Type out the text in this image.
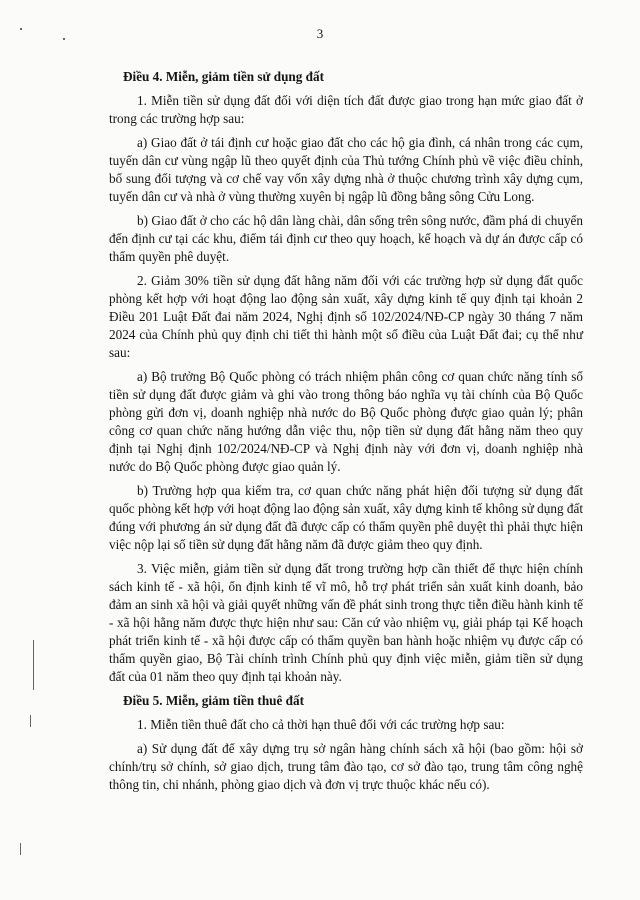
3

Điều 4. Miễn, giảm tiền sử dụng đất

1. Miễn tiền sử dụng đất đối với diện tích đất được giao trong hạn mức giao đất ở trong các trường hợp sau:

a) Giao đất ở tái định cư hoặc giao đất cho các hộ gia đình, cá nhân trong các cụm, tuyến dân cư vùng ngập lũ theo quyết định của Thủ tướng Chính phủ về việc điều chỉnh, bổ sung đối tượng và cơ chế vay vốn xây dựng nhà ở thuộc chương trình xây dựng cụm, tuyến dân cư và nhà ở vùng thường xuyên bị ngập lũ đồng bằng sông Cửu Long.

b) Giao đất ở cho các hộ dân làng chài, dân sống trên sông nước, đầm phá di chuyển đến định cư tại các khu, điểm tái định cư theo quy hoạch, kế hoạch và dự án được cấp có thẩm quyền phê duyệt.

2. Giảm 30% tiền sử dụng đất hằng năm đối với các trường hợp sử dụng đất quốc phòng kết hợp với hoạt động lao động sản xuất, xây dựng kinh tế quy định tại khoản 2 Điều 201 Luật Đất đai năm 2024, Nghị định số 102/2024/NĐ-CP ngày 30 tháng 7 năm 2024 của Chính phủ quy định chi tiết thi hành một số điều của Luật Đất đai; cụ thể như sau:

a) Bộ trưởng Bộ Quốc phòng có trách nhiệm phân công cơ quan chức năng tính số tiền sử dụng đất được giảm và ghi vào trong thông báo nghĩa vụ tài chính của Bộ Quốc phòng gửi đơn vị, doanh nghiệp nhà nước do Bộ Quốc phòng được giao quản lý; phân công cơ quan chức năng hướng dẫn việc thu, nộp tiền sử dụng đất hằng năm theo quy định tại Nghị định 102/2024/NĐ-CP và Nghị định này với đơn vị, doanh nghiệp nhà nước do Bộ Quốc phòng được giao quản lý.

b) Trường hợp qua kiểm tra, cơ quan chức năng phát hiện đối tượng sử dụng đất quốc phòng kết hợp với hoạt động lao động sản xuất, xây dựng kinh tế không sử dụng đất đúng với phương án sử dụng đất đã được cấp có thẩm quyền phê duyệt thì phải thực hiện việc nộp lại số tiền sử dụng đất hằng năm đã được giảm theo quy định.

3. Việc miễn, giảm tiền sử dụng đất trong trường hợp cần thiết để thực hiện chính sách kinh tế - xã hội, ổn định kinh tế vĩ mô, hỗ trợ phát triển sản xuất kinh doanh, bảo đảm an sinh xã hội và giải quyết những vấn đề phát sinh trong thực tiễn điều hành kinh tế - xã hội hằng năm được thực hiện như sau: Căn cứ vào nhiệm vụ, giải pháp tại Kế hoạch phát triển kinh tế - xã hội được cấp có thẩm quyền ban hành hoặc nhiệm vụ được cấp có thẩm quyền giao, Bộ Tài chính trình Chính phủ quy định việc miễn, giảm tiền sử dụng đất của 01 năm theo quy định tại khoản này.

Điều 5. Miễn, giảm tiền thuê đất

1. Miễn tiền thuê đất cho cả thời hạn thuê đối với các trường hợp sau:

a) Sử dụng đất để xây dựng trụ sở ngân hàng chính sách xã hội (bao gồm: hội sở chính/trụ sở chính, sở giao dịch, trung tâm đào tạo, cơ sở đào tạo, trung tâm công nghệ thông tin, chi nhánh, phòng giao dịch và đơn vị trực thuộc khác nếu có).
